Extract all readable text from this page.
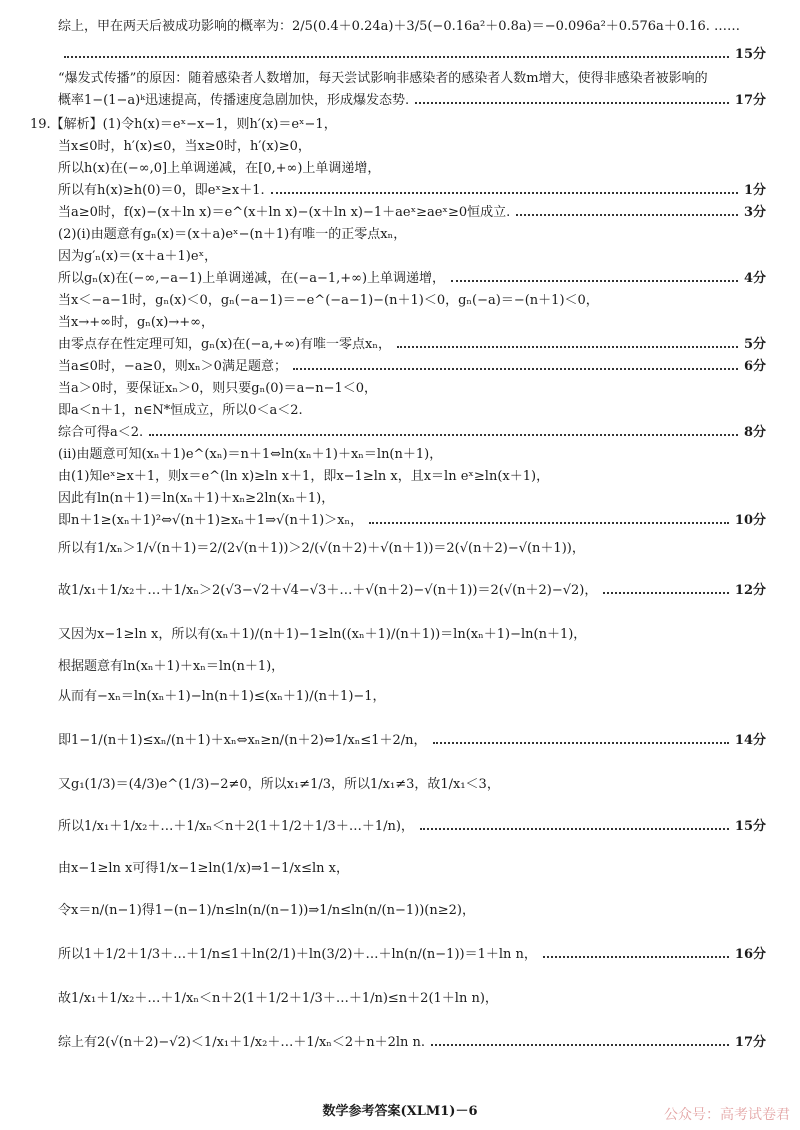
综上，甲在两天后被成功影响的概率为：2/5(0.4＋0.24a)＋3/5(−0.16a²＋0.8a)＝−0.096a²＋0.576a＋0.16. ……
15分
“爆发式传播”的原因：随着感染者人数增加，每天尝试影响非感染者的感染者人数m增大，使得非感染者被影响的
概率1−(1−a)ᵏ迅速提高，传播速度急剧加快，形成爆发态势.	17分
19.【解析】(1)令h(x)＝eˣ−x−1，则h′(x)＝eˣ−1，
当x≤0时，h′(x)≤0，当x≥0时，h′(x)≥0，
所以h(x)在(−∞,0]上单调递减，在[0,+∞)上单调递增，
所以有h(x)≥h(0)＝0，即eˣ≥x＋1.	1分
当a≥0时，f(x)−(x＋ln x)＝e^(x＋ln x)−(x＋ln x)−1＋aeˣ≥aeˣ≥0恒成立.	3分
(2)(ⅰ)由题意有gₙ(x)＝(x＋a)eˣ−(n＋1)有唯一的正零点xₙ，
因为g′ₙ(x)＝(x＋a＋1)eˣ，
所以gₙ(x)在(−∞,−a−1)上单调递减，在(−a−1,+∞)上单调递增，	4分
当x＜−a−1时，gₙ(x)＜0，gₙ(−a−1)＝−e^(−a−1)−(n＋1)＜0，gₙ(−a)＝−(n＋1)＜0，
当x→+∞时，gₙ(x)→+∞，
由零点存在性定理可知，gₙ(x)在(−a,+∞)有唯一零点xₙ，	5分
当a≤0时，−a≥0，则xₙ＞0满足题意；	6分
当a＞0时，要保证xₙ＞0，则只要gₙ(0)＝a−n−1＜0，
即a＜n＋1，n∈N*恒成立，所以0＜a＜2.
综合可得a＜2.	8分
(ⅱ)由题意可知(xₙ＋1)e^(xₙ)＝n＋1⇔ln(xₙ＋1)＋xₙ＝ln(n＋1)，
由(1)知eˣ≥x＋1，则x＝e^(ln x)≥ln x＋1，即x−1≥ln x，且x＝ln eˣ≥ln(x＋1)，
因此有ln(n＋1)＝ln(xₙ＋1)＋xₙ≥2ln(xₙ＋1)，
即n＋1≥(xₙ＋1)²⇔√(n＋1)≥xₙ＋1⇒√(n＋1)＞xₙ，	10分
所以有1/xₙ＞1/√(n＋1)＝2/(2√(n＋1))＞2/(√(n＋2)＋√(n＋1))＝2(√(n＋2)−√(n＋1))，
故1/x₁＋1/x₂＋…＋1/xₙ＞2(√3−√2＋√4−√3＋…＋√(n＋2)−√(n＋1))＝2(√(n＋2)−√2)，	12分
又因为x−1≥ln x，所以有(xₙ＋1)/(n＋1)−1≥ln((xₙ＋1)/(n＋1))＝ln(xₙ＋1)−ln(n＋1)，
根据题意有ln(xₙ＋1)＋xₙ＝ln(n＋1)，
从而有−xₙ＝ln(xₙ＋1)−ln(n＋1)≤(xₙ＋1)/(n＋1)−1，
即1−1/(n＋1)≤xₙ/(n＋1)＋xₙ⇔xₙ≥n/(n＋2)⇔1/xₙ≤1＋2/n，	14分
又g₁(1/3)＝(4/3)e^(1/3)−2≠0，所以x₁≠1/3，所以1/x₁≠3，故1/x₁＜3，
所以1/x₁＋1/x₂＋…＋1/xₙ＜n＋2(1＋1/2＋1/3＋…＋1/n)，	15分
由x−1≥ln x可得1/x−1≥ln(1/x)⇒1−1/x≤ln x，
令x＝n/(n−1)得1−(n−1)/n≤ln(n/(n−1))⇒1/n≤ln(n/(n−1))(n≥2)，
所以1＋1/2＋1/3＋…＋1/n≤1＋ln(2/1)＋ln(3/2)＋…＋ln(n/(n−1))＝1＋ln n，	16分
故1/x₁＋1/x₂＋…＋1/xₙ＜n＋2(1＋1/2＋1/3＋…＋1/n)≤n＋2(1＋ln n)，
综上有2(√(n＋2)−√2)＜1/x₁＋1/x₂＋…＋1/xₙ＜2＋n＋2ln n.	17分
数学参考答案(XLM1)－6	公众号：高考试卷君
